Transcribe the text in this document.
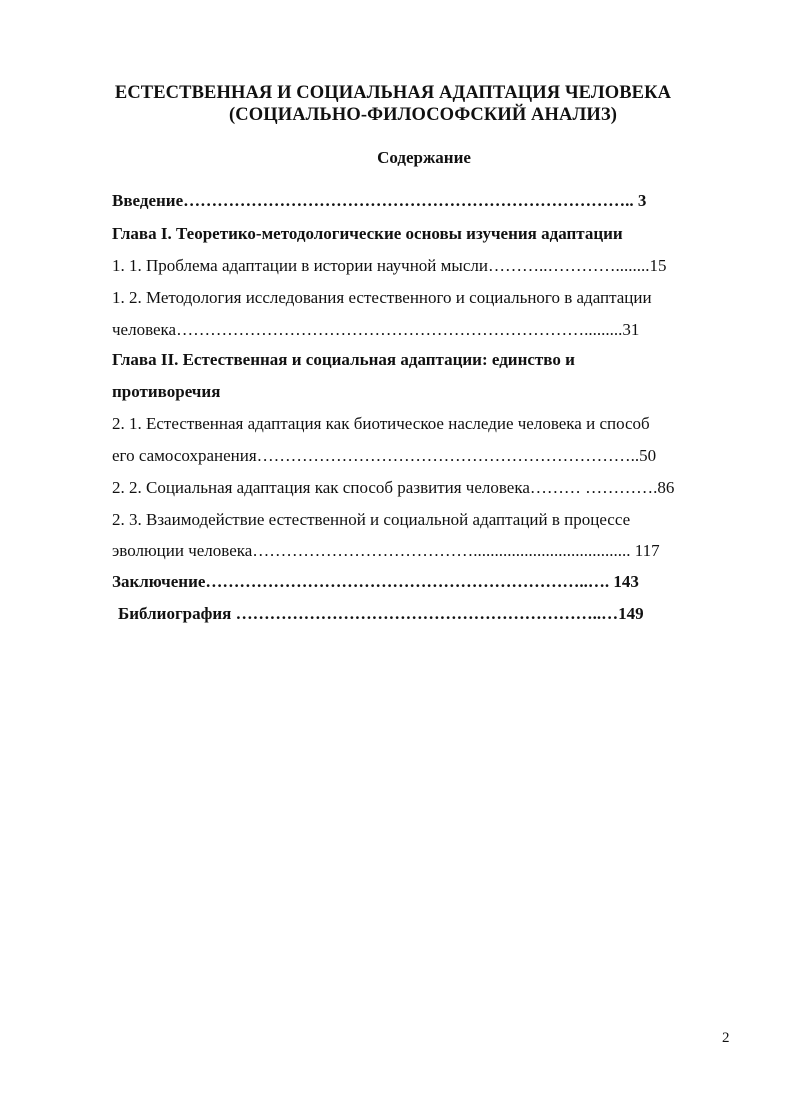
ЕСТЕСТВЕННАЯ И СОЦИАЛЬНАЯ АДАПТАЦИЯ ЧЕЛОВЕКА
(СОЦИАЛЬНО-ФИЛОСОФСКИЙ АНАЛИЗ)
Содержание
Введение…………………………………………………………………….. 3
Глава I. Теоретико-методологические основы изучения адаптации
1. 1. Проблема адаптации в истории научной мысли………..…………........15
1. 2. Методология исследования естественного и социального в адаптации
человека……………………………………………………………….........31
Глава II. Естественная и социальная адаптации: единство и
противоречия
2. 1. Естественная адаптация как биотическое наследие человека и способ
его самосохранения…………………………………………………………..50
2. 2. Социальная адаптация как способ развития человека……… ………….86
2. 3. Взаимодействие естественной и социальной адаптаций в процессе
эволюции человека…………………………………..................................... 117
Заключение…………………………………………………………..…. 143
Библиография ………………………………………………………..…149
2
